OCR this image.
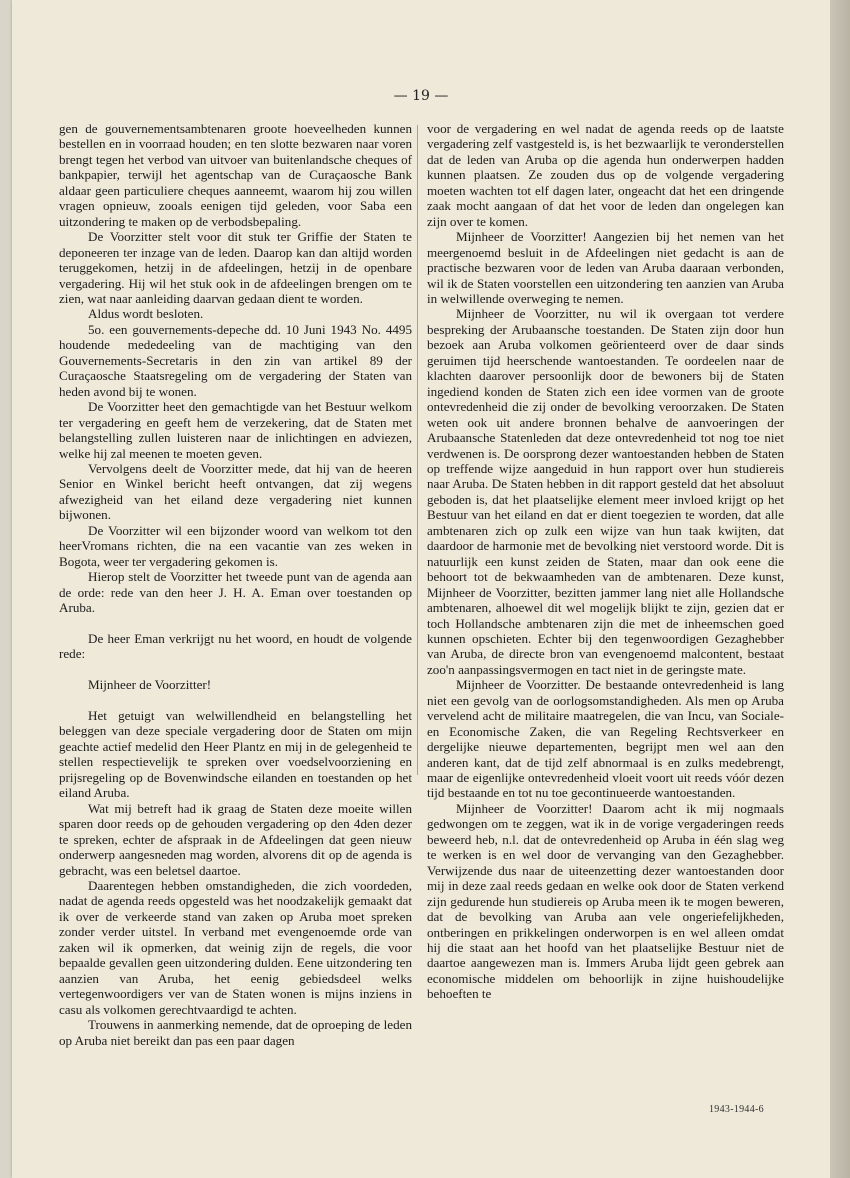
— 19 —

gen de gouvernementsambtenaren groote hoeveelheden kunnen bestellen en in voorraad houden; en ten slotte bezwaren naar voren brengt tegen het verbod van uitvoer van buitenlandsche cheques of bankpapier, terwijl het agentschap van de Curaçaosche Bank aldaar geen particuliere cheques aanneemt, waarom hij zou willen vragen opnieuw, zooals eenigen tijd geleden, voor Saba een uitzondering te maken op de verbodsbepaling.

De Voorzitter stelt voor dit stuk ter Griffie der Staten te deponeeren ter inzage van de leden. Daarop kan dan altijd worden teruggekomen, hetzij in de afdeelingen, hetzij in de openbare vergadering. Hij wil het stuk ook in de afdeelingen brengen om te zien, wat naar aanleiding daarvan gedaan dient te worden.

Aldus wordt besloten.

5o. een gouvernements-depeche dd. 10 Juni 1943 No. 4495 houdende mededeeling van de machtiging van den Gouvernements-Secretaris in den zin van artikel 89 der Curaçaosche Staatsregeling om de vergadering der Staten van heden avond bij te wonen.

De Voorzitter heet den gemachtigde van het Bestuur welkom ter vergadering en geeft hem de verzekering, dat de Staten met belangstelling zullen luisteren naar de inlichtingen en adviezen, welke hij zal meenen te moeten geven.

Vervolgens deelt de Voorzitter mede, dat hij van de heeren Senior en Winkel bericht heeft ontvangen, dat zij wegens afwezigheid van het eiland deze vergadering niet kunnen bijwonen.

De Voorzitter wil een bijzonder woord van welkom tot den heerVromans richten, die na een vacantie van zes weken in Bogota, weer ter vergadering gekomen is.

Hierop stelt de Voorzitter het tweede punt van de agenda aan de orde: rede van den heer J. H. A. Eman over toestanden op Aruba.

De heer Eman verkrijgt nu het woord, en houdt de volgende rede:

Mijnheer de Voorzitter!

Het getuigt van welwillendheid en belangstelling het beleggen van deze speciale vergadering door de Staten om mijn geachte actief medelid den Heer Plantz en mij in de gelegenheid te stellen respectievelijk te spreken over voedselvoorziening en prijsregeling op de Bovenwindsche eilanden en toestanden op het eiland Aruba.

Wat mij betreft had ik graag de Staten deze moeite willen sparen door reeds op de gehouden vergadering op den 4den dezer te spreken, echter de afspraak in de Afdeelingen dat geen nieuw onderwerp aangesneden mag worden, alvorens dit op de agenda is gebracht, was een beletsel daartoe.

Daarentegen hebben omstandigheden, die zich voordeden, nadat de agenda reeds opgesteld was het noodzakelijk gemaakt dat ik over de verkeerde stand van zaken op Aruba moet spreken zonder verder uitstel. In verband met evengenoemde orde van zaken wil ik opmerken, dat weinig zijn de regels, die voor bepaalde gevallen geen uitzondering dulden. Eene uitzondering ten aanzien van Aruba, het eenig gebiedsdeel welks vertegenwoordigers ver van de Staten wonen is mijns inziens in casu als volkomen gerechtvaardigd te achten.

Trouwens in aanmerking nemende, dat de oproeping de leden op Aruba niet bereikt dan pas een paar dagen

voor de vergadering en wel nadat de agenda reeds op de laatste vergadering zelf vastgesteld is, is het bezwaarlijk te veronderstellen dat de leden van Aruba op die agenda hun onderwerpen hadden kunnen plaatsen. Ze zouden dus op de volgende vergadering moeten wachten tot elf dagen later, ongeacht dat het een dringende zaak mocht aangaan of dat het voor de leden dan ongelegen kan zijn over te komen.

Mijnheer de Voorzitter! Aangezien bij het nemen van het meergenoemd besluit in de Afdeelingen niet gedacht is aan de practische bezwaren voor de leden van Aruba daaraan verbonden, wil ik de Staten voorstellen een uitzondering ten aanzien van Aruba in welwillende overweging te nemen.

Mijnheer de Voorzitter, nu wil ik overgaan tot verdere bespreking der Arubaansche toestanden. De Staten zijn door hun bezoek aan Aruba volkomen geörienteerd over de daar sinds geruimen tijd heerschende wantoestanden. Te oordeelen naar de klachten daarover persoonlijk door de bewoners bij de Staten ingediend konden de Staten zich een idee vormen van de groote ontevredenheid die zij onder de bevolking veroorzaken. De Staten weten ook uit andere bronnen behalve de aanvoeringen der Arubaansche Statenleden dat deze ontevredenheid tot nog toe niet verdwenen is. De oorsprong dezer wantoestanden hebben de Staten op treffende wijze aangeduid in hun rapport over hun studiereis naar Aruba. De Staten hebben in dit rapport gesteld dat het absoluut geboden is, dat het plaatselijke element meer invloed krijgt op het Bestuur van het eiland en dat er dient toegezien te worden, dat alle ambtenaren zich op zulk een wijze van hun taak kwijten, dat daardoor de harmonie met de bevolking niet verstoord worde. Dit is natuurlijk een kunst zeiden de Staten, maar dan ook eene die behoort tot de bekwaamheden van de ambtenaren. Deze kunst, Mijnheer de Voorzitter, bezitten jammer lang niet alle Hollandsche ambtenaren, alhoewel dit wel mogelijk blijkt te zijn, gezien dat er toch Hollandsche ambtenaren zijn die met de inheemschen goed kunnen opschieten. Echter bij den tegenwoordigen Gezaghebber van Aruba, de directe bron van evengenoemd malcontent, bestaat zoo'n aanpassingsvermogen en tact niet in de geringste mate.

Mijnheer de Voorzitter. De bestaande ontevredenheid is lang niet een gevolg van de oorlogsomstandigheden. Als men op Aruba vervelend acht de militaire maatregelen, die van Incu, van Sociale- en Economische Zaken, die van Regeling Rechtsverkeer en dergelijke nieuwe departementen, begrijpt men wel aan den anderen kant, dat de tijd zelf abnormaal is en zulks medebrengt, maar de eigenlijke ontevredenheid vloeit voort uit reeds vóór dezen tijd bestaande en tot nu toe gecontinueerde wantoestanden.

Mijnheer de Voorzitter! Daarom acht ik mij nogmaals gedwongen om te zeggen, wat ik in de vorige vergaderingen reeds beweerd heb, n.l. dat de ontevredenheid op Aruba in één slag weg te werken is en wel door de vervanging van den Gezaghebber. Verwijzende dus naar de uiteenzetting dezer wantoestanden door mij in deze zaal reeds gedaan en welke ook door de Staten verkend zijn gedurende hun studiereis op Aruba meen ik te mogen beweren, dat de bevolking van Aruba aan vele ongeriefelijkheden, ontberingen en prikkelingen onderworpen is en wel alleen omdat hij die staat aan het hoofd van het plaatselijke Bestuur niet de daartoe aangewezen man is. Immers Aruba lijdt geen gebrek aan economische middelen om behoorlijk in zijne huishoudelijke behoeften te

1943-1944-6
